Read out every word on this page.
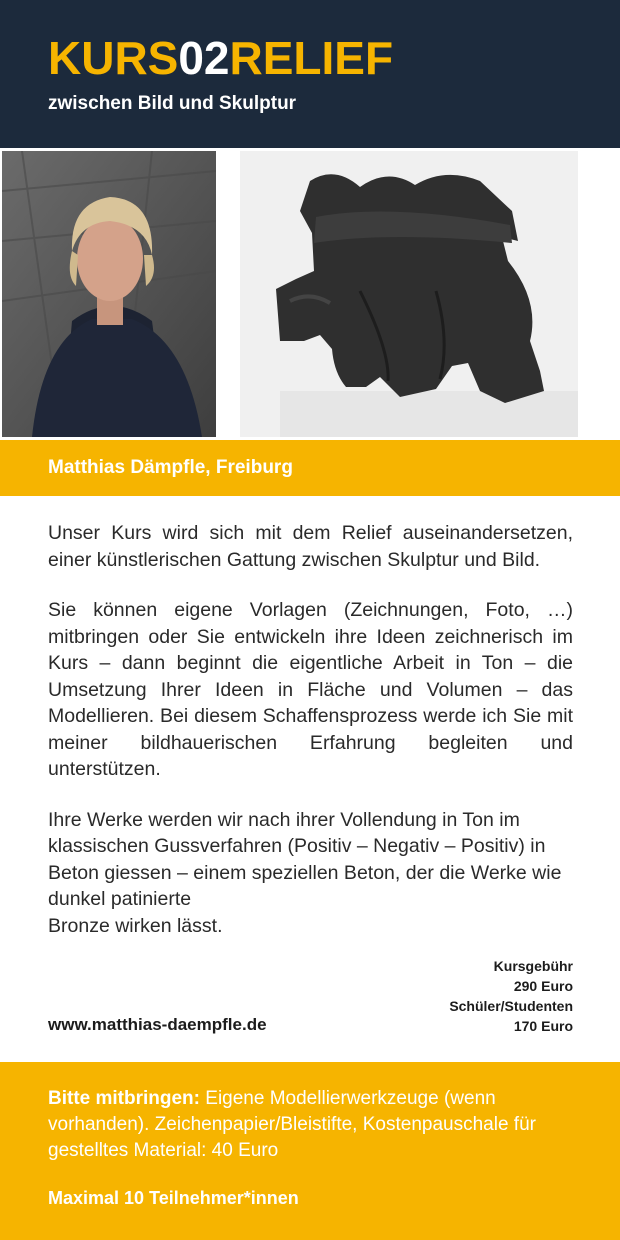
KURS02RELIEF
zwischen Bild und Skulptur
Matthias Dämpfle, Freiburg

Unser Kurs wird sich mit dem Relief auseinandersetzen, einer künstlerischen Gattung zwischen Skulptur und Bild.

Sie können eigene Vorlagen (Zeichnungen, Foto, …) mitbringen oder Sie entwickeln ihre Ideen zeichnerisch im Kurs – dann beginnt die eigentliche Arbeit in Ton – die Umsetzung Ihrer Ideen in Fläche und Volumen – das Modellieren. Bei diesem Schaffensprozess werde ich Sie mit meiner bildhauerischen Erfahrung begleiten und unterstützen.

Ihre Werke werden wir nach ihrer Vollendung in Ton im klassischen Gussverfahren (Positiv – Negativ – Positiv) in Beton giessen – einem speziellen Beton, der die Werke wie dunkel patinierte
Bronze wirken lässt.

Kursgebühr
290 Euro
Schüler/Studenten
170 Euro
www.matthias-daempfle.de
Bitte mitbringen: Eigene Modellierwerkzeuge (wenn vorhanden). Zeichenpapier/Bleistifte, Kostenpauschale für gestelltes Material: 40 Euro
Maximal 10 Teilnehmer*innen
